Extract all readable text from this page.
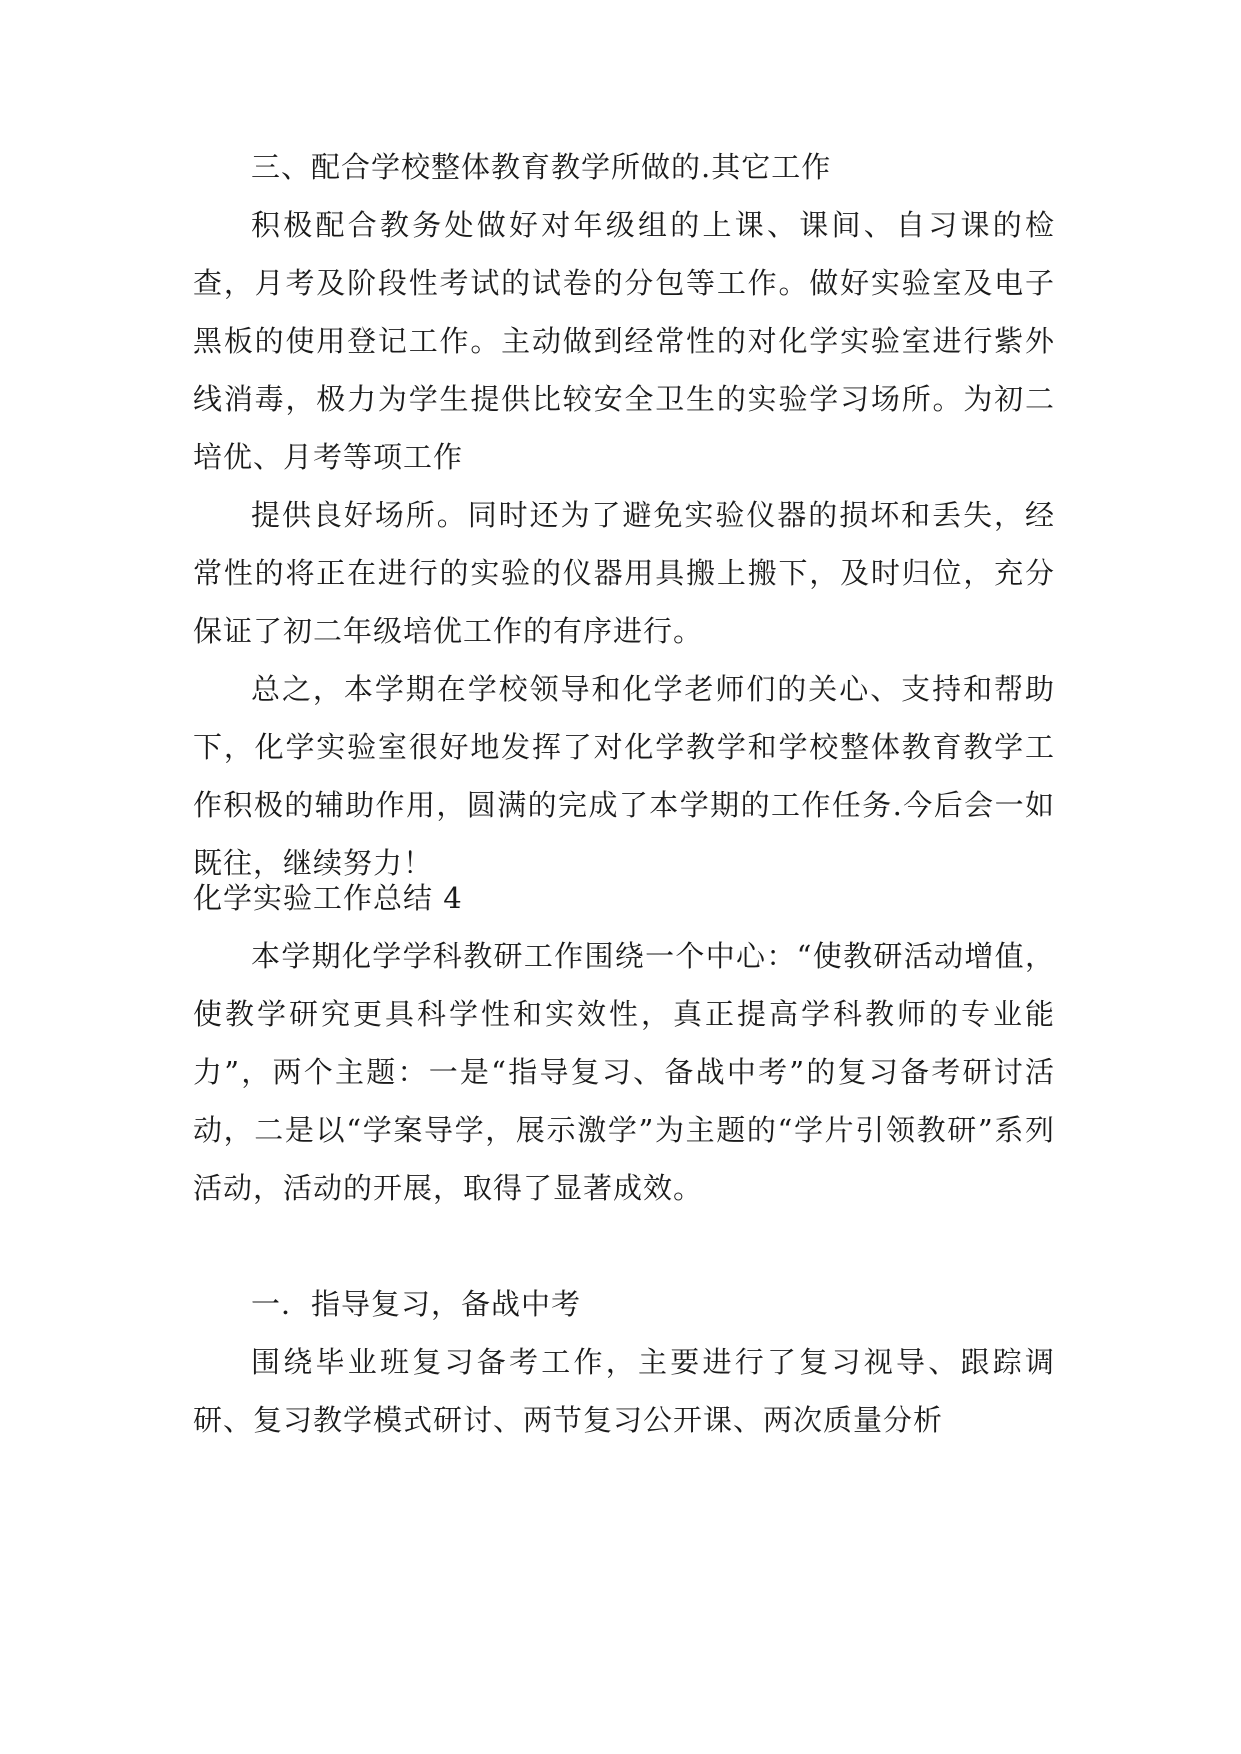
三、配合学校整体教育教学所做的.其它工作

积极配合教务处做好对年级组的上课、课间、自习课的检查，月考及阶段性考试的试卷的分包等工作。做好实验室及电子黑板的使用登记工作。主动做到经常性的对化学实验室进行紫外线消毒，极力为学生提供比较安全卫生的实验学习场所。为初二培优、月考等项工作

提供良好场所。同时还为了避免实验仪器的损坏和丢失，经常性的将正在进行的实验的仪器用具搬上搬下，及时归位，充分保证了初二年级培优工作的有序进行。

总之，本学期在学校领导和化学老师们的关心、支持和帮助下，化学实验室很好地发挥了对化学教学和学校整体教育教学工作积极的辅助作用，圆满的完成了本学期的工作任务.今后会一如既往，继续努力！

化学实验工作总结 4

本学期化学学科教研工作围绕一个中心：“使教研活动增值，使教学研究更具科学性和实效性，真正提高学科教师的专业能力”，两个主题：一是“指导复习、备战中考”的复习备考研讨活动，二是以“学案导学，展示激学”为主题的“学片引领教研”系列活动，活动的开展，取得了显著成效。

一．指导复习，备战中考

围绕毕业班复习备考工作，主要进行了复习视导、跟踪调研、复习教学模式研讨、两节复习公开课、两次质量分析
